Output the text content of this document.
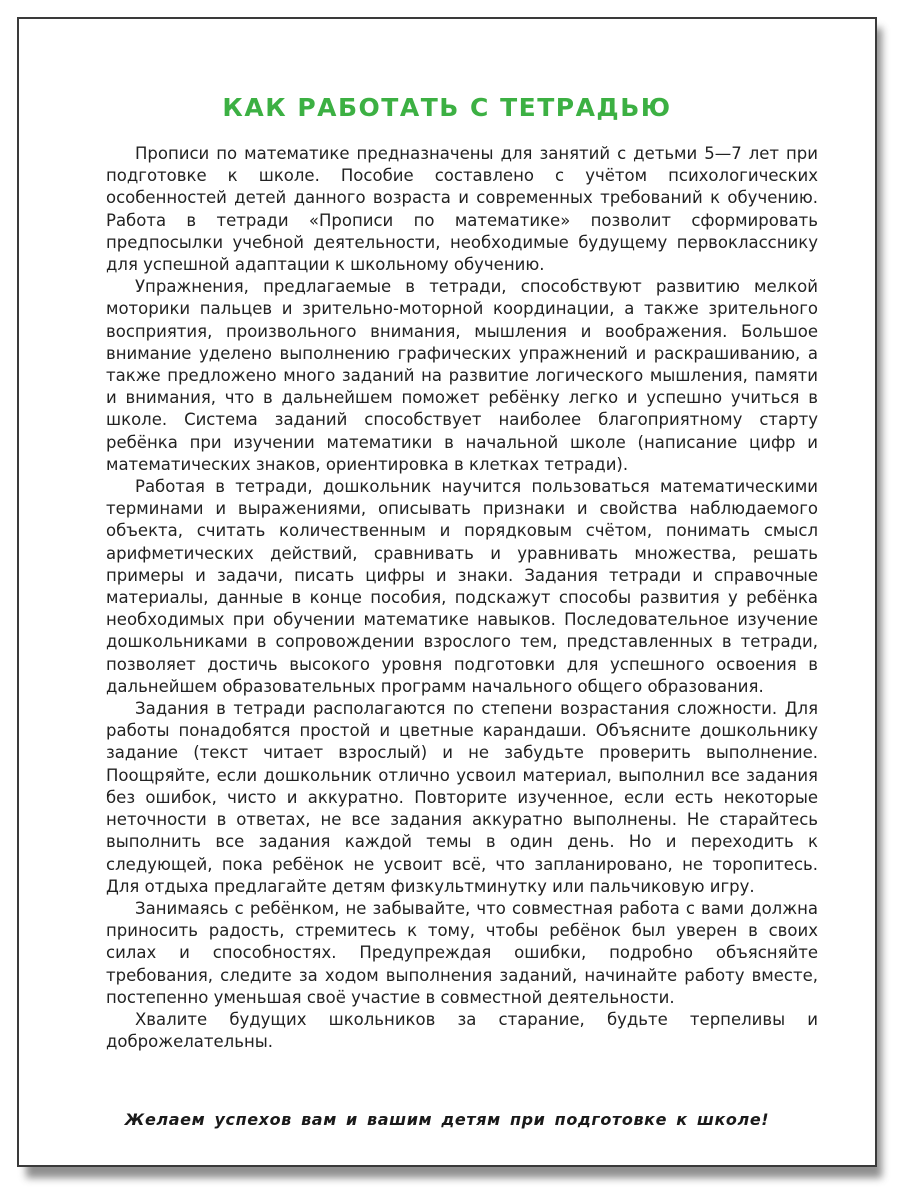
КАК РАБОТАТЬ С ТЕТРАДЬЮ

Прописи по математике предназначены для занятий с детьми 5—7 лет при подготовке к школе. Пособие составлено с учётом психологических особенностей детей данного возраста и современных требований к обучению. Работа в тетради «Прописи по математике» позволит сформировать предпосылки учебной деятельности, необходимые будущему первокласснику для успешной адаптации к школьному обучению.

Упражнения, предлагаемые в тетради, способствуют развитию мелкой моторики пальцев и зрительно-моторной координации, а также зрительного восприятия, произвольного внимания, мышления и воображения. Большое внимание уделено выполнению графических упражнений и раскрашиванию, а также предложено много заданий на развитие логического мышления, памяти и внимания, что в дальнейшем поможет ребёнку легко и успешно учиться в школе. Система заданий способствует наиболее благоприятному старту ребёнка при изучении математики в начальной школе (написание цифр и математических знаков, ориентировка в клетках тетради).

Работая в тетради, дошкольник научится пользоваться математическими терминами и выражениями, описывать признаки и свойства наблюдаемого объекта, считать количественным и порядковым счётом, понимать смысл арифметических действий, сравнивать и уравнивать множества, решать примеры и задачи, писать цифры и знаки. Задания тетради и справочные материалы, данные в конце пособия, подскажут способы развития у ребёнка необходимых при обучении математике навыков. Последовательное изучение дошкольниками в сопровождении взрослого тем, представленных в тетради, позволяет достичь высокого уровня подготовки для успешного освоения в дальнейшем образовательных программ начального общего образования.

Задания в тетради располагаются по степени возрастания сложности. Для работы понадобятся простой и цветные карандаши. Объясните дошкольнику задание (текст читает взрослый) и не забудьте проверить выполнение. Поощряйте, если дошкольник отлично усвоил материал, выполнил все задания без ошибок, чисто и аккуратно. Повторите изученное, если есть некоторые неточности в ответах, не все задания аккуратно выполнены. Не старайтесь выполнить все задания каждой темы в один день. Но и переходить к следующей, пока ребёнок не усвоит всё, что запланировано, не торопитесь. Для отдыха предлагайте детям физкультминутку или пальчиковую игру.

Занимаясь с ребёнком, не забывайте, что совместная работа с вами должна приносить радость, стремитесь к тому, чтобы ребёнок был уверен в своих силах и способностях. Предупреждая ошибки, подробно объясняйте требования, следите за ходом выполнения заданий, начинайте работу вместе, постепенно уменьшая своё участие в совместной деятельности.

Хвалите будущих школьников за старание, будьте терпеливы и доброжелательны.

Желаем успехов вам и вашим детям при подготовке к школе!
